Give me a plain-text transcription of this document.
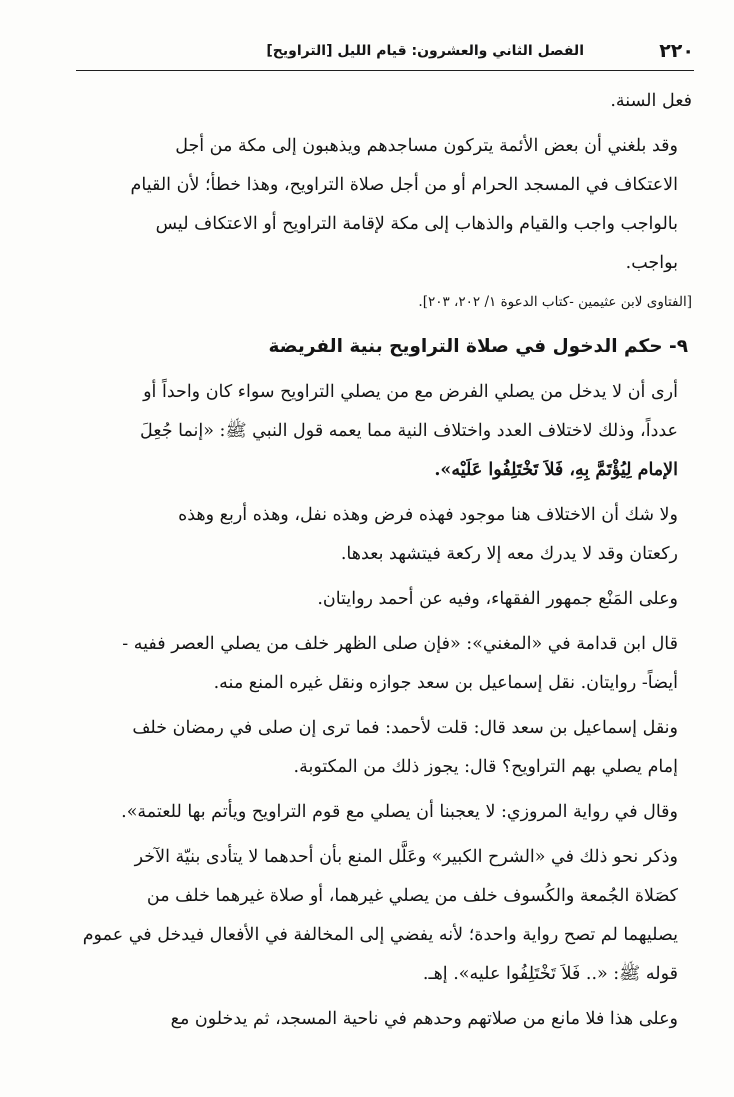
٢٢٠
الفصل الثاني والعشرون: قيام الليل [التراويح]

فعل السنة.

وقد بلغني أن بعض الأئمة يتركون مساجدهم ويذهبون إلى مكة من أجل
الاعتكاف في المسجد الحرام أو من أجل صلاة التراويح، وهذا خطأ؛ لأن القيام
بالواجب واجب والقيام والذهاب إلى مكة لإقامة التراويح أو الاعتكاف ليس
بواجب.

[الفتاوى لابن عثيمين -كتاب الدعوة ١/ ٢٠٢، ٢٠٣].
٩- حكم الدخول في صلاة التراويح بنية الفريضة

أرى أن لا يدخل من يصلي الفرض مع من يصلي التراويح سواء كان واحداً أو
عدداً، وذلك لاختلاف العدد واختلاف النية مما يعمه قول النبي ﷺ: «إنما جُعِلَ
الإمام لِيُؤْتَمَّ بِهِ، فَلاَ تَخْتَلِفُوا عَلَيْه».

ولا شك أن الاختلاف هنا موجود فهذه فرض وهذه نفل، وهذه أربع وهذه
ركعتان وقد لا يدرك معه إلا ركعة فيتشهد بعدها.

وعلى المَنْع جمهور الفقهاء، وفيه عن أحمد روايتان.

قال ابن قدامة في «المغني»: «فإن صلى الظهر خلف من يصلي العصر ففيه -
أيضاً- روايتان. نقل إسماعيل بن سعد جوازه ونقل غيره المنع منه.

ونقل إسماعيل بن سعد قال: قلت لأحمد: فما ترى إن صلى في رمضان خلف
إمام يصلي بهم التراويح؟ قال: يجوز ذلك من المكتوبة.

وقال في رواية المروزي: لا يعجبنا أن يصلي مع قوم التراويح ويأتم بها للعتمة».

وذكر نحو ذلك في «الشرح الكبير» وعَلَّل المنع بأن أحدهما لا يتأدى بنيّة الآخر
كصَلاة الجُمعة والكُسوف خلف من يصلي غيرهما، أو صلاة غيرهما خلف من
يصليهما لم تصح رواية واحدة؛ لأنه يفضي إلى المخالفة في الأفعال فيدخل في عموم
قوله ﷺ: «.. فَلاَ تَخْتَلِفُوا عليه». إهـ.

وعلى هذا فلا مانع من صلاتهم وحدهم في ناحية المسجد، ثم يدخلون مع
